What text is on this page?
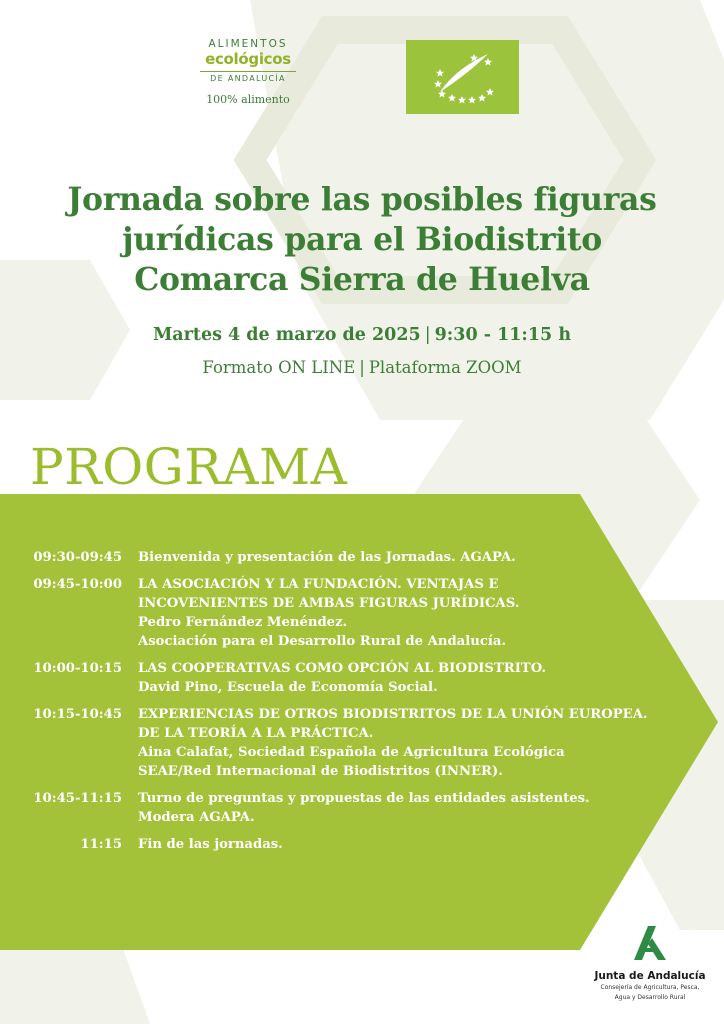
ALIMENTOS
ecológicos
DE ANDALUCÍA
100% alimento
Jornada sobre las posibles figuras
jurídicas para el Biodistrito
Comarca Sierra de Huelva
Martes 4 de marzo de 2025 | 9:30 - 11:15 h
Formato ON LINE | Plataforma ZOOM
PROGRAMA
09:30-09:45	Bienvenida y presentación de las Jornadas. AGAPA.
09:45-10:00	LA ASOCIACIÓN Y LA FUNDACIÓN. VENTAJAS E
INCOVENIENTES DE AMBAS FIGURAS JURÍDICAS.
Pedro Fernández Menéndez.
Asociación para el Desarrollo Rural de Andalucía.
10:00-10:15	LAS COOPERATIVAS COMO OPCIÓN AL BIODISTRITO.
David Pino, Escuela de Economía Social.
10:15-10:45	EXPERIENCIAS DE OTROS BIODISTRITOS DE LA UNIÓN EUROPEA.
DE LA TEORÍA A LA PRÁCTICA.
Aina Calafat, Sociedad Española de Agricultura Ecológica
SEAE/Red Internacional de Biodistritos (INNER).
10:45-11:15	Turno de preguntas y propuestas de las entidades asistentes.
Modera AGAPA.
11:15	Fin de las jornadas.
Junta de Andalucía
Consejería de Agricultura, Pesca,
Agua y Desarrollo Rural
